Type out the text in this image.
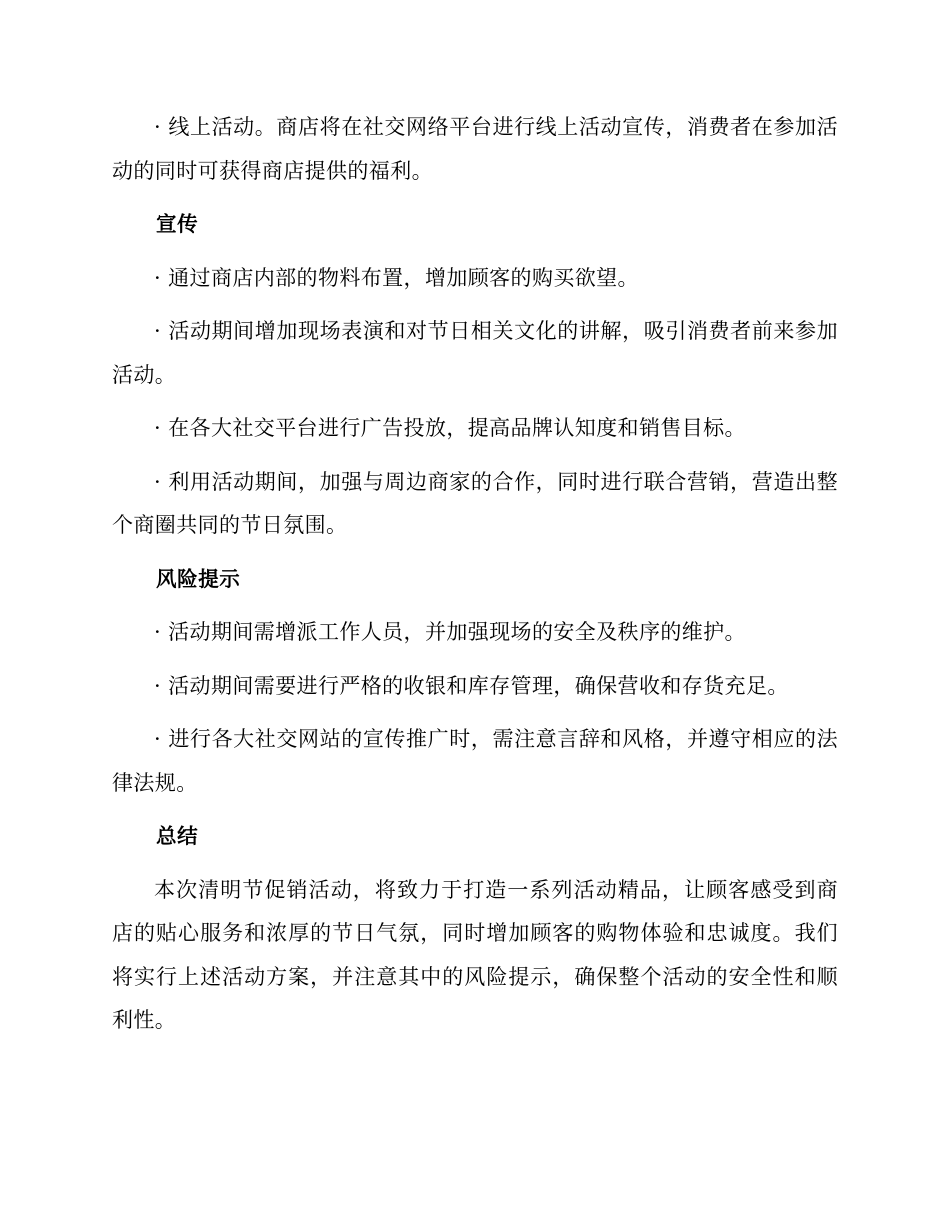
· 线上活动。商店将在社交网络平台进行线上活动宣传，消费者在参加活动的同时可获得商店提供的福利。

宣传

· 通过商店内部的物料布置，增加顾客的购买欲望。

· 活动期间增加现场表演和对节日相关文化的讲解，吸引消费者前来参加活动。

· 在各大社交平台进行广告投放，提高品牌认知度和销售目标。

· 利用活动期间，加强与周边商家的合作，同时进行联合营销，营造出整个商圈共同的节日氛围。

风险提示

· 活动期间需增派工作人员，并加强现场的安全及秩序的维护。

· 活动期间需要进行严格的收银和库存管理，确保营收和存货充足。

· 进行各大社交网站的宣传推广时，需注意言辞和风格，并遵守相应的法律法规。

总结

本次清明节促销活动，将致力于打造一系列活动精品，让顾客感受到商店的贴心服务和浓厚的节日气氛，同时增加顾客的购物体验和忠诚度。我们将实行上述活动方案，并注意其中的风险提示，确保整个活动的安全性和顺利性。
